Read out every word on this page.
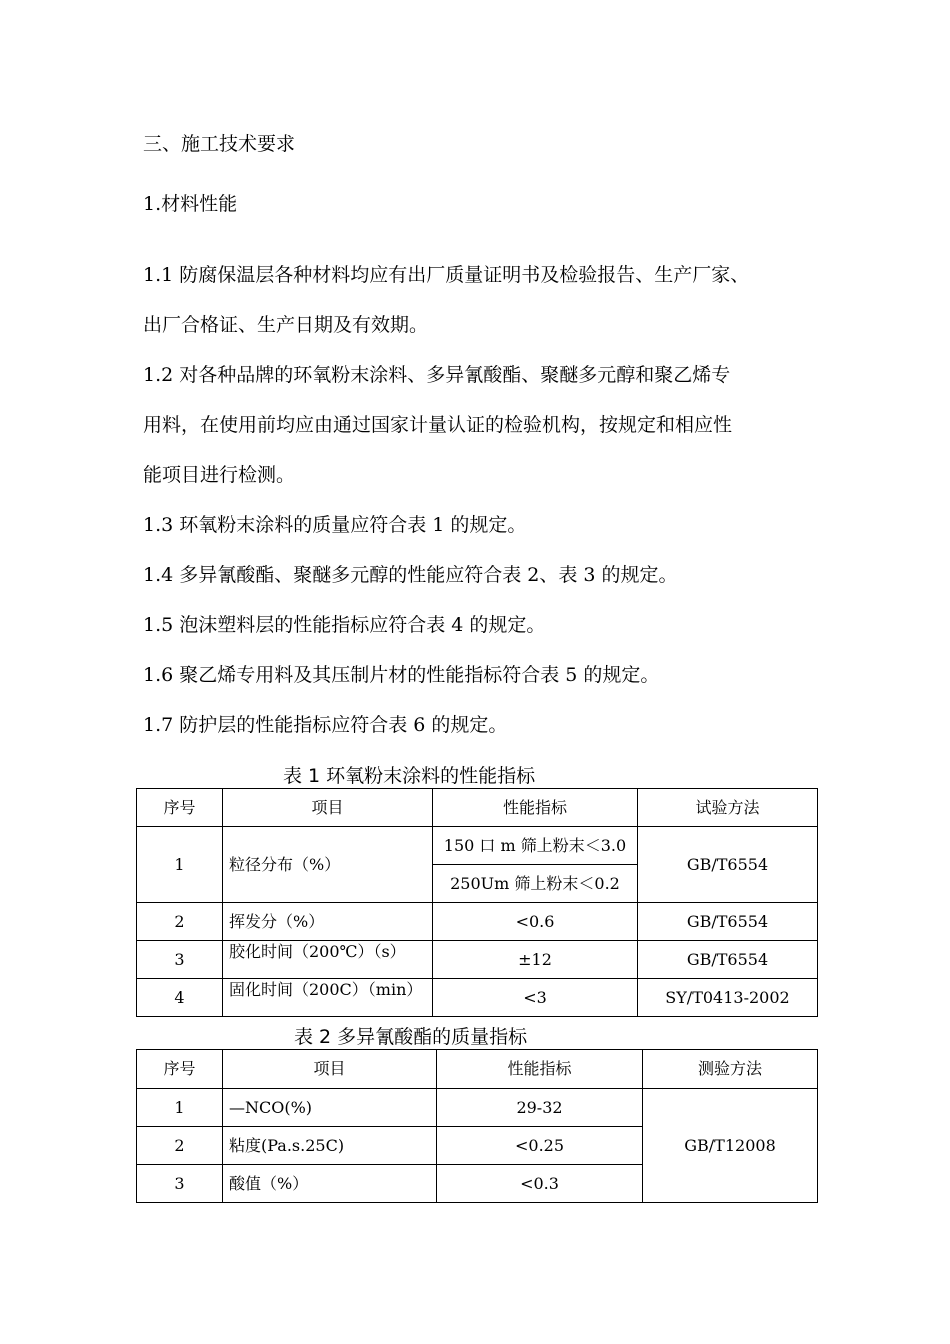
三、施工技术要求
1.材料性能
1.1 防腐保温层各种材料均应有出厂质量证明书及检验报告、生产厂家、
出厂合格证、生产日期及有效期。
1.2 对各种品牌的环氧粉末涂料、多异氰酸酯、聚醚多元醇和聚乙烯专
用料，在使用前均应由通过国家计量认证的检验机构，按规定和相应性
能项目进行检测。
1.3 环氧粉末涂料的质量应符合表 1 的规定。
1.4 多异氰酸酯、聚醚多元醇的性能应符合表 2、表 3 的规定。
1.5 泡沫塑料层的性能指标应符合表 4 的规定。
1.6 聚乙烯专用料及其压制片材的性能指标符合表 5 的规定。
1.7 防护层的性能指标应符合表 6 的规定。
表 1 环氧粉末涂料的性能指标
序号	项目	性能指标	试验方法
1	粒径分布（%）	150 口 m 筛上粉末＜3.0	GB/T6554
		250Um 筛上粉末＜0.2	
2	挥发分（%）	<0.6	GB/T6554
3	胶化时间（200℃）（s）	±12	GB/T6554
4	固化时间（200C）（min）	<3	SY/T0413-2002
表 2 多异氰酸酯的质量指标
序号	项目	性能指标	测验方法
1	—NCO(%)	29-32	GB/T12008
2	粘度(Pa.s.25C)	<0.25	
3	酸值（%）	<0.3	
